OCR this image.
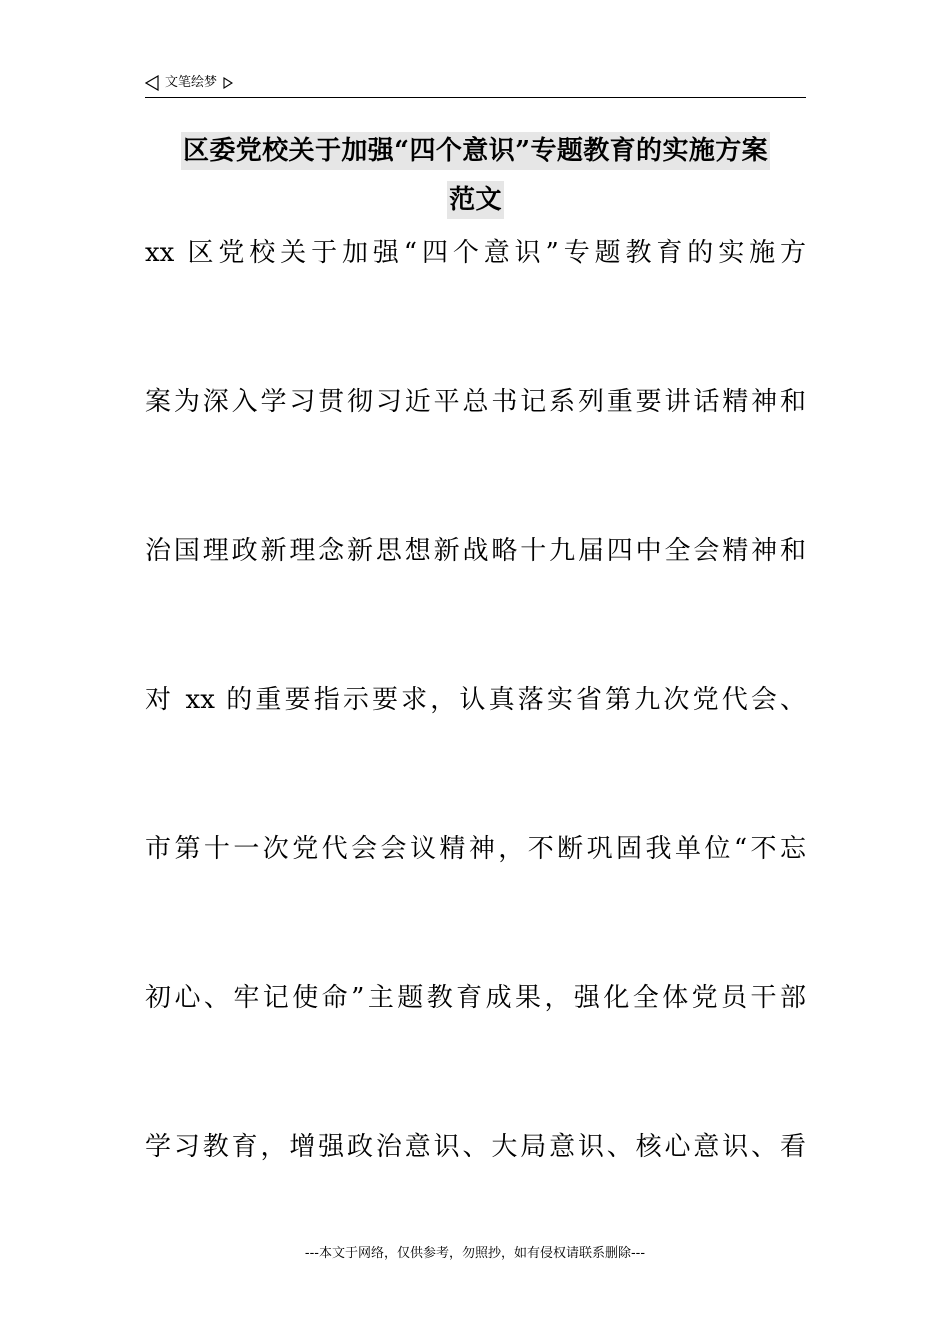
文笔绘梦
区委党校关于加强“四个意识”专题教育的实施方案
范文
xx 区党校关于加强“四个意识”专题教育的实施方
案为深入学习贯彻习近平总书记系列重要讲话精神和
治国理政新理念新思想新战略十九届四中全会精神和
对 xx 的重要指示要求，认真落实省第九次党代会、
市第十一次党代会会议精神，不断巩固我单位“不忘
初心、牢记使命”主题教育成果，强化全体党员干部
学习教育，增强政治意识、大局意识、核心意识、看
---本文于网络，仅供参考，勿照抄，如有侵权请联系删除---
